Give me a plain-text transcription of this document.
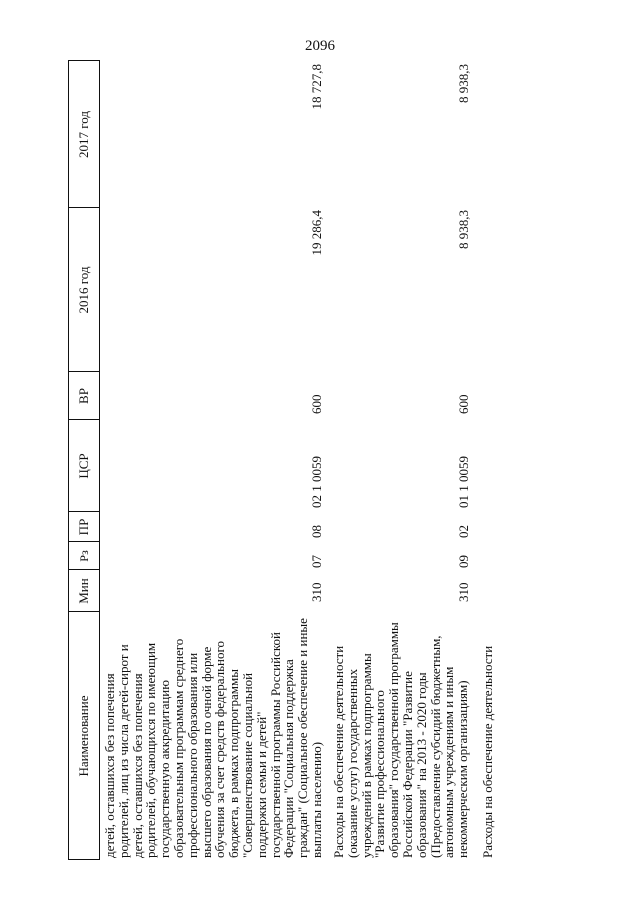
2096
Наименование
Рз
Мин
ПР
ЦСР
ВР
2016 год
2017 год
детей, оставшихся без попечения
родителей, лиц из числа детей-сирот и
детей, оставшихся без попечения
родителей, обучающихся по имеющим
государственную аккредитацию
образовательным программам среднего
профессионального образования или
высшего образования по очной форме
обучения за счет средств федерального
бюджета, в рамках подпрограммы
"Совершенствование социальной
поддержки семьи и детей"
государственной программы Российской
Федерации "Социальная поддержка
граждан" (Социальное обеспечение и иные
выплаты населению)
310
07
08
02 1 0059
600
19 286,4
18 727,8
Расходы на обеспечение деятельности
(оказание услуг) государственных
учреждений в рамках подпрограммы
"Развитие профессионального
образования" государственной программы
Российской Федерации "Развитие
образования" на 2013 - 2020 годы
(Предоставление субсидий бюджетным,
автономным учреждениям и иным
некоммерческим организациям)
310
09
02
01 1 0059
600
8 938,3
8 938,3
Расходы на обеспечение деятельности
